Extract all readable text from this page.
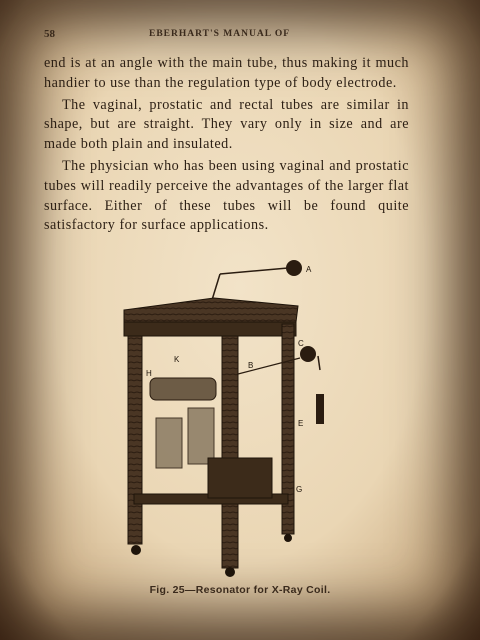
58	EBERHART'S MANUAL OF

end is at an angle with the main tube, thus making it much handier to use than the regulation type of body electrode.

The vaginal, prostatic and rectal tubes are similar in shape, but are straight. They vary only in size and are made both plain and insulated.

The physician who has been using vaginal and prostatic tubes will readily perceive the advantages of the larger flat surface. Either of these tubes will be found quite satisfactory for surface applications.

A
C
B
K
H
E
G
Fig. 25—Resonator for X-Ray Coil.
